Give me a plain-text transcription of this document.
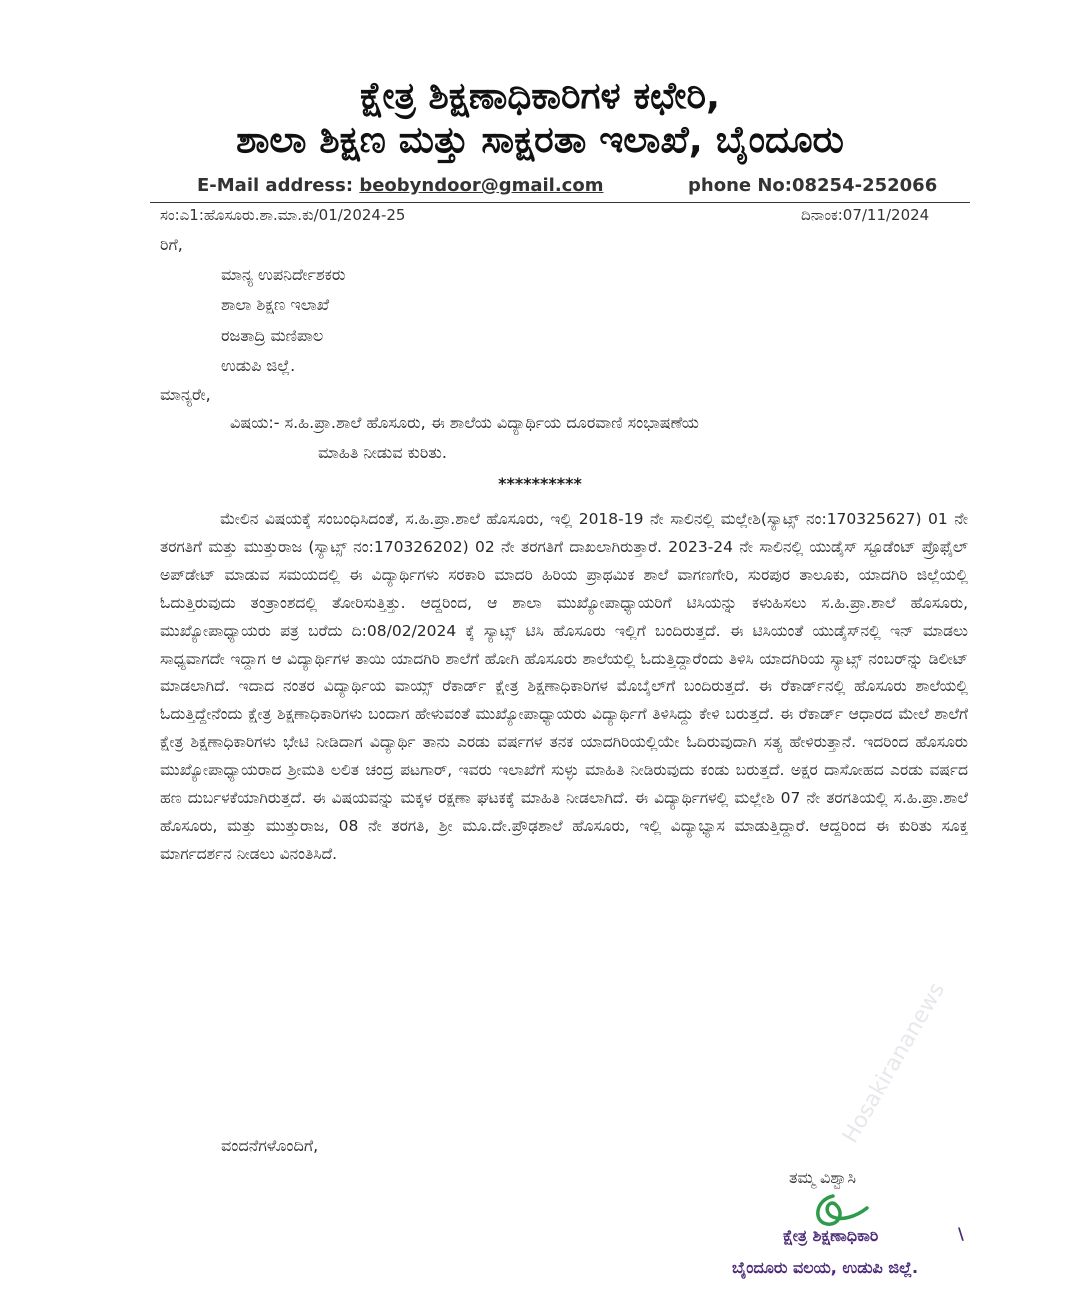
ಕ್ಷೇತ್ರ ಶಿಕ್ಷಣಾಧಿಕಾರಿಗಳ ಕಛೇರಿ,
ಶಾಲಾ ಶಿಕ್ಷಣ ಮತ್ತು ಸಾಕ್ಷರತಾ ಇಲಾಖೆ, ಬೈಂದೂರು
E-Mail address: beobyndoor@gmail.com	phone No:08254-252066
ಸಂ:ಎ1:ಹೊಸೂರು.ಶಾ.ಮಾ.ಕು/01/2024-25	ದಿನಾಂಕ:07/11/2024
ರಿಗೆ,
ಮಾನ್ಯ ಉಪನಿರ್ದೇಶಕರು
ಶಾಲಾ ಶಿಕ್ಷಣ ಇಲಾಖೆ
ರಜತಾದ್ರಿ ಮಣಿಪಾಲ
ಉಡುಪಿ ಜಿಲ್ಲೆ.
ಮಾನ್ಯರೇ,
ವಿಷಯ:- ಸ.ಹಿ.ಪ್ರಾ.ಶಾಲೆ ಹೊಸೂರು, ಈ ಶಾಲೆಯ ವಿದ್ಯಾರ್ಥಿಯ ದೂರವಾಣಿ ಸಂಭಾಷಣೆಯ
ಮಾಹಿತಿ ನೀಡುವ ಕುರಿತು.
**********

ಮೇಲಿನ ವಿಷಯಕ್ಕೆ ಸಂಬಂಧಿಸಿದಂತೆ, ಸ.ಹಿ.ಪ್ರಾ.ಶಾಲೆ ಹೊಸೂರು, ಇಲ್ಲಿ 2018-19 ನೇ ಸಾಲಿನಲ್ಲಿ ಮಲ್ಲೇಶಿ(ಸ್ಯಾಟ್ಸ್ ನಂ:170325627) 01 ನೇ ತರಗತಿಗೆ ಮತ್ತು ಮುತ್ತುರಾಜ (ಸ್ಯಾಟ್ಸ್ ನಂ:170326202) 02 ನೇ ತರಗತಿಗೆ ದಾಖಲಾಗಿರುತ್ತಾರೆ. 2023-24 ನೇ ಸಾಲಿನಲ್ಲಿ ಯುಡೈಸ್ ಸ್ಟೂಡೆಂಟ್ ಪ್ರೊಫೈಲ್ ಅಪ್‌ಡೇಟ್ ಮಾಡುವ ಸಮಯದಲ್ಲಿ ಈ ವಿದ್ಯಾರ್ಥಿಗಳು ಸರಕಾರಿ ಮಾದರಿ ಹಿರಿಯ ಪ್ರಾಥಮಿಕ ಶಾಲೆ ವಾಗಣಗೇರಿ, ಸುರಪುರ ತಾಲೂಕು, ಯಾದಗಿರಿ ಜಿಲ್ಲೆಯಲ್ಲಿ ಓದುತ್ತಿರುವುದು ತಂತ್ರಾಂಶದಲ್ಲಿ ತೋರಿಸುತ್ತಿತ್ತು. ಆದ್ದರಿಂದ, ಆ ಶಾಲಾ ಮುಖ್ಯೋಪಾಧ್ಯಾಯರಿಗೆ ಟಿಸಿಯನ್ನು ಕಳುಹಿಸಲು ಸ.ಹಿ.ಪ್ರಾ.ಶಾಲೆ ಹೊಸೂರು, ಮುಖ್ಯೋಪಾಧ್ಯಾಯರು ಪತ್ರ ಬರೆದು ದಿ:08/02/2024 ಕ್ಕೆ ಸ್ಯಾಟ್ಸ್ ಟಿಸಿ ಹೊಸೂರು ಇಲ್ಲಿಗೆ ಬಂದಿರುತ್ತದೆ. ಈ ಟಿಸಿಯಂತೆ ಯುಡೈಸ್‌ನಲ್ಲಿ ಇನ್ ಮಾಡಲು ಸಾಧ್ಯವಾಗದೇ ಇದ್ದಾಗ ಆ ವಿದ್ಯಾರ್ಥಿಗಳ ತಾಯಿ ಯಾದಗಿರಿ ಶಾಲೆಗೆ ಹೋಗಿ ಹೊಸೂರು ಶಾಲೆಯಲ್ಲಿ ಓದುತ್ತಿದ್ದಾರೆಂದು ತಿಳಿಸಿ ಯಾದಗಿರಿಯ ಸ್ಯಾಟ್ಸ್ ನಂಬರ್‌ನ್ನು ಡಿಲೀಟ್ ಮಾಡಲಾಗಿದೆ. ಇದಾದ ನಂತರ ವಿದ್ಯಾರ್ಥಿಯ ವಾಯ್ಸ್ ರೆಕಾರ್ಡ್ ಕ್ಷೇತ್ರ ಶಿಕ್ಷಣಾಧಿಕಾರಿಗಳ ಮೊಬೈಲ್‌ಗೆ ಬಂದಿರುತ್ತದೆ. ಈ ರೆಕಾರ್ಡ್‌ನಲ್ಲಿ ಹೊಸೂರು ಶಾಲೆಯಲ್ಲಿ ಓದುತ್ತಿದ್ದೇನೆಂದು ಕ್ಷೇತ್ರ ಶಿಕ್ಷಣಾಧಿಕಾರಿಗಳು ಬಂದಾಗ ಹೇಳುವಂತೆ ಮುಖ್ಯೋಪಾಧ್ಯಾಯರು ವಿದ್ಯಾರ್ಥಿಗೆ ತಿಳಿಸಿದ್ದು ಕೇಳಿ ಬರುತ್ತದೆ. ಈ ರೆಕಾರ್ಡ್ ಆಧಾರದ ಮೇಲೆ ಶಾಲೆಗೆ ಕ್ಷೇತ್ರ ಶಿಕ್ಷಣಾಧಿಕಾರಿಗಳು ಭೇಟಿ ನೀಡಿದಾಗ ವಿದ್ಯಾರ್ಥಿ ತಾನು ಎರಡು ವರ್ಷಗಳ ತನಕ ಯಾದಗಿರಿಯಲ್ಲಿಯೇ ಓದಿರುವುದಾಗಿ ಸತ್ಯ ಹೇಳಿರುತ್ತಾನೆ. ಇದರಿಂದ ಹೊಸೂರು ಮುಖ್ಯೋಪಾಧ್ಯಾಯರಾದ ಶ್ರೀಮತಿ ಲಲಿತ ಚಂದ್ರ ಪಟಗಾರ್, ಇವರು ಇಲಾಖೆಗೆ ಸುಳ್ಳು ಮಾಹಿತಿ ನೀಡಿರುವುದು ಕಂಡು ಬರುತ್ತದೆ. ಅಕ್ಷರ ದಾಸೋಹದ ಎರಡು ವರ್ಷದ ಹಣ ದುರ್ಬಳಕೆಯಾಗಿರುತ್ತದೆ. ಈ ವಿಷಯವನ್ನು ಮಕ್ಕಳ ರಕ್ಷಣಾ ಘಟಕಕ್ಕೆ ಮಾಹಿತಿ ನೀಡಲಾಗಿದೆ. ಈ ವಿದ್ಯಾರ್ಥಿಗಳಲ್ಲಿ ಮಲ್ಲೇಶಿ 07 ನೇ ತರಗತಿಯಲ್ಲಿ ಸ.ಹಿ.ಪ್ರಾ.ಶಾಲೆ ಹೊಸೂರು, ಮತ್ತು ಮುತ್ತುರಾಜ, 08 ನೇ ತರಗತಿ, ಶ್ರೀ ಮೂ.ದೇ.ಪ್ರೌಢಶಾಲೆ ಹೊಸೂರು, ಇಲ್ಲಿ ವಿದ್ಯಾಭ್ಯಾಸ ಮಾಡುತ್ತಿದ್ದಾರೆ. ಆದ್ದರಿಂದ ಈ ಕುರಿತು ಸೂಕ್ತ ಮಾರ್ಗದರ್ಶನ ನೀಡಲು ವಿನಂತಿಸಿದೆ.

ವಂದನೆಗಳೊಂದಿಗೆ,
ತಮ್ಮ ವಿಶ್ವಾಸಿ
ಕ್ಷೇತ್ರ ಶಿಕ್ಷಣಾಧಿಕಾರಿ	\
ಬೈಂದೂರು ವಲಯ, ಉಡುಪಿ ಜಿಲ್ಲೆ.
Hosakirananews
